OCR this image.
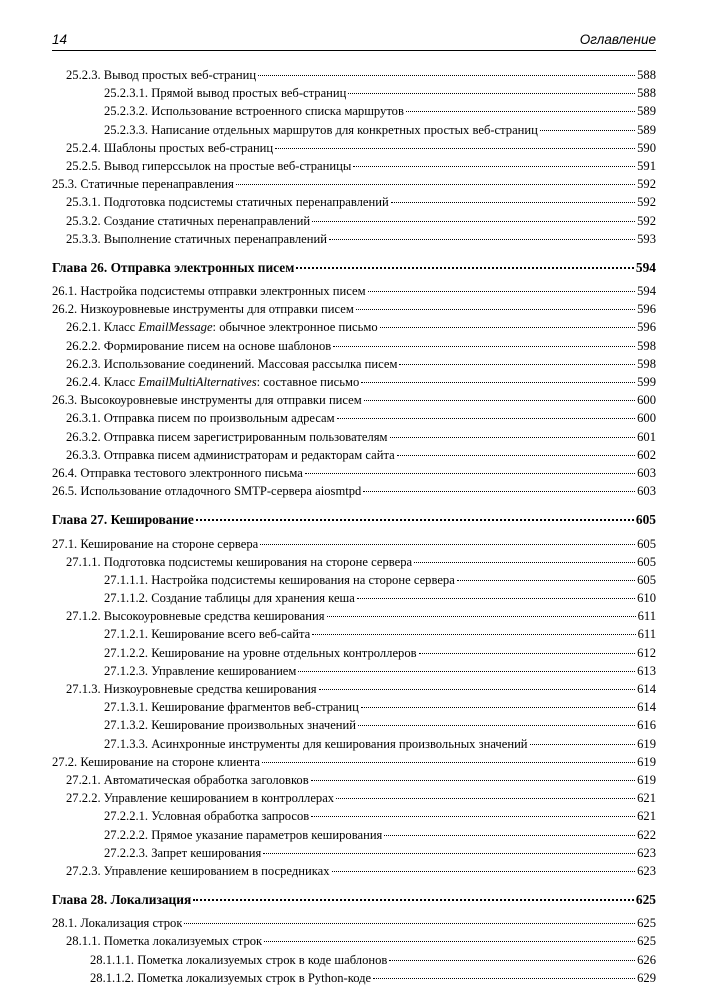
14	Оглавление
25.2.3. Вывод простых веб-страниц	588
25.2.3.1. Прямой вывод простых веб-страниц	588
25.2.3.2. Использование встроенного списка маршрутов	589
25.2.3.3. Написание отдельных маршрутов для конкретных простых веб-страниц	589
25.2.4. Шаблоны простых веб-страниц	590
25.2.5. Вывод гиперссылок на простые веб-страницы	591
25.3. Статичные перенаправления	592
25.3.1. Подготовка подсистемы статичных перенаправлений	592
25.3.2. Создание статичных перенаправлений	592
25.3.3. Выполнение статичных перенаправлений	593
Глава 26. Отправка электронных писем	594
26.1. Настройка подсистемы отправки электронных писем	594
26.2. Низкоуровневые инструменты для отправки писем	596
26.2.1. Класс EmailMessage: обычное электронное письмо	596
26.2.2. Формирование писем на основе шаблонов	598
26.2.3. Использование соединений. Массовая рассылка писем	598
26.2.4. Класс EmailMultiAlternatives: составное письмо	599
26.3. Высокоуровневые инструменты для отправки писем	600
26.3.1. Отправка писем по произвольным адресам	600
26.3.2. Отправка писем зарегистрированным пользователям	601
26.3.3. Отправка писем администраторам и редакторам сайта	602
26.4. Отправка тестового электронного письма	603
26.5. Использование отладочного SMTP-сервера aiosmtpd	603
Глава 27. Кеширование	605
27.1. Кеширование на стороне сервера	605
27.1.1. Подготовка подсистемы кеширования на стороне сервера	605
27.1.1.1. Настройка подсистемы кеширования на стороне сервера	605
27.1.1.2. Создание таблицы для хранения кеша	610
27.1.2. Высокоуровневые средства кеширования	611
27.1.2.1. Кеширование всего веб-сайта	611
27.1.2.2. Кеширование на уровне отдельных контроллеров	612
27.1.2.3. Управление кешированием	613
27.1.3. Низкоуровневые средства кеширования	614
27.1.3.1. Кеширование фрагментов веб-страниц	614
27.1.3.2. Кеширование произвольных значений	616
27.1.3.3. Асинхронные инструменты для кеширования произвольных значений	619
27.2. Кеширование на стороне клиента	619
27.2.1. Автоматическая обработка заголовков	619
27.2.2. Управление кешированием в контроллерах	621
27.2.2.1. Условная обработка запросов	621
27.2.2.2. Прямое указание параметров кеширования	622
27.2.2.3. Запрет кеширования	623
27.2.3. Управление кешированием в посредниках	623
Глава 28. Локализация	625
28.1. Локализация строк	625
28.1.1. Пометка локализуемых строк	625
28.1.1.1. Пометка локализуемых строк в коде шаблонов	626
28.1.1.2. Пометка локализуемых строк в Python-коде	629
